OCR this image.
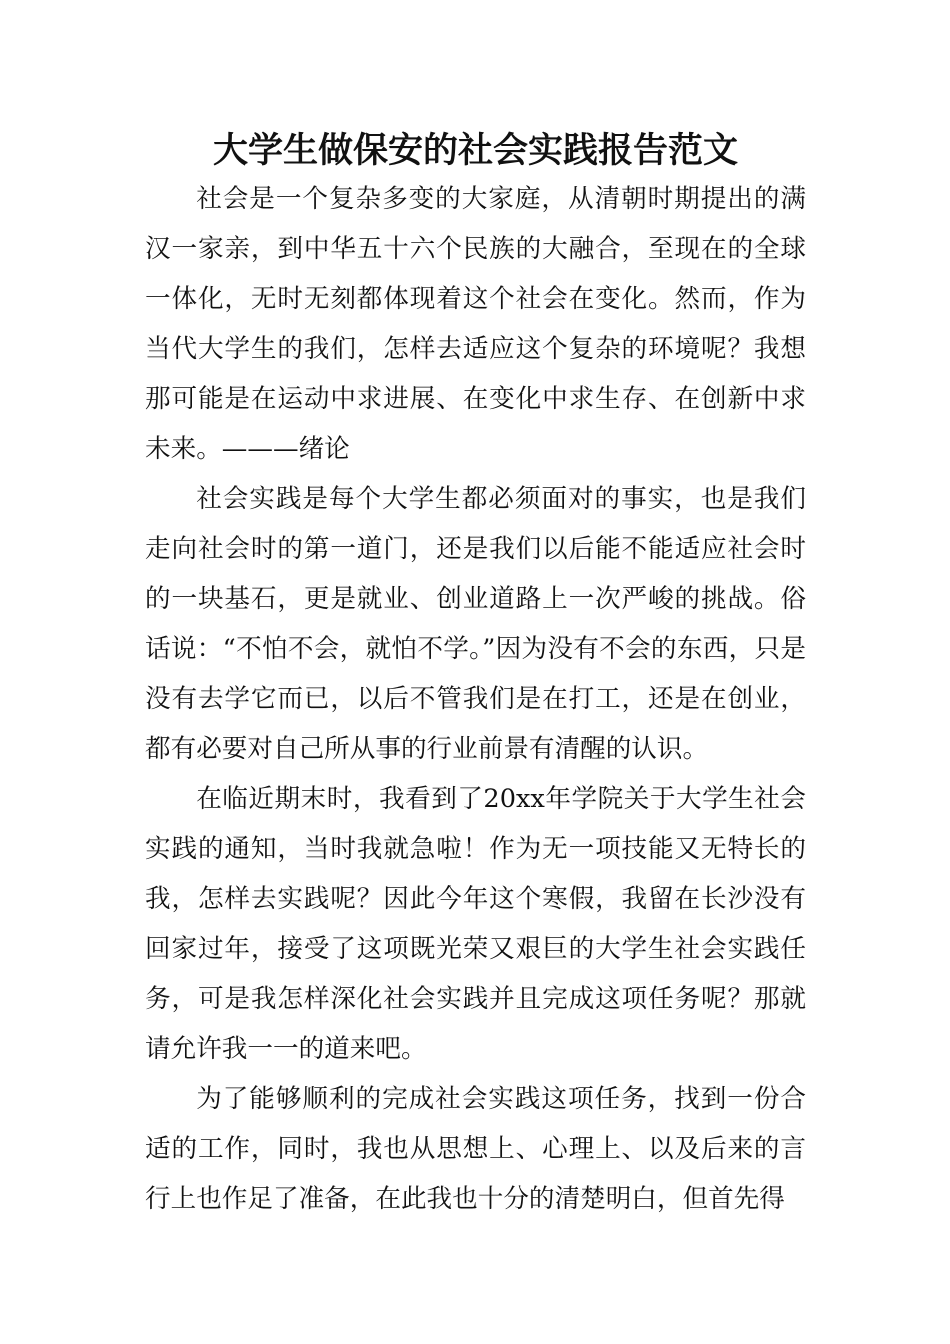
大学生做保安的社会实践报告范文

社会是一个复杂多变的大家庭，从清朝时期提出的满汉一家亲，到中华五十六个民族的大融合，至现在的全球一体化，无时无刻都体现着这个社会在变化。然而，作为当代大学生的我们，怎样去适应这个复杂的环境呢？我想那可能是在运动中求进展、在变化中求生存、在创新中求未来。———绪论

社会实践是每个大学生都必须面对的事实，也是我们走向社会时的第一道门，还是我们以后能不能适应社会时的一块基石，更是就业、创业道路上一次严峻的挑战。俗话说：“不怕不会，就怕不学。”因为没有不会的东西，只是没有去学它而已，以后不管我们是在打工，还是在创业，都有必要对自己所从事的行业前景有清醒的认识。

在临近期末时，我看到了20xx年学院关于大学生社会实践的通知，当时我就急啦！作为无一项技能又无特长的我，怎样去实践呢？因此今年这个寒假，我留在长沙没有回家过年，接受了这项既光荣又艰巨的大学生社会实践任务，可是我怎样深化社会实践并且完成这项任务呢？那就请允许我一一的道来吧。

为了能够顺利的完成社会实践这项任务，找到一份合适的工作，同时，我也从思想上、心理上、以及后来的言行上也作足了准备，在此我也十分的清楚明白，但首先得
